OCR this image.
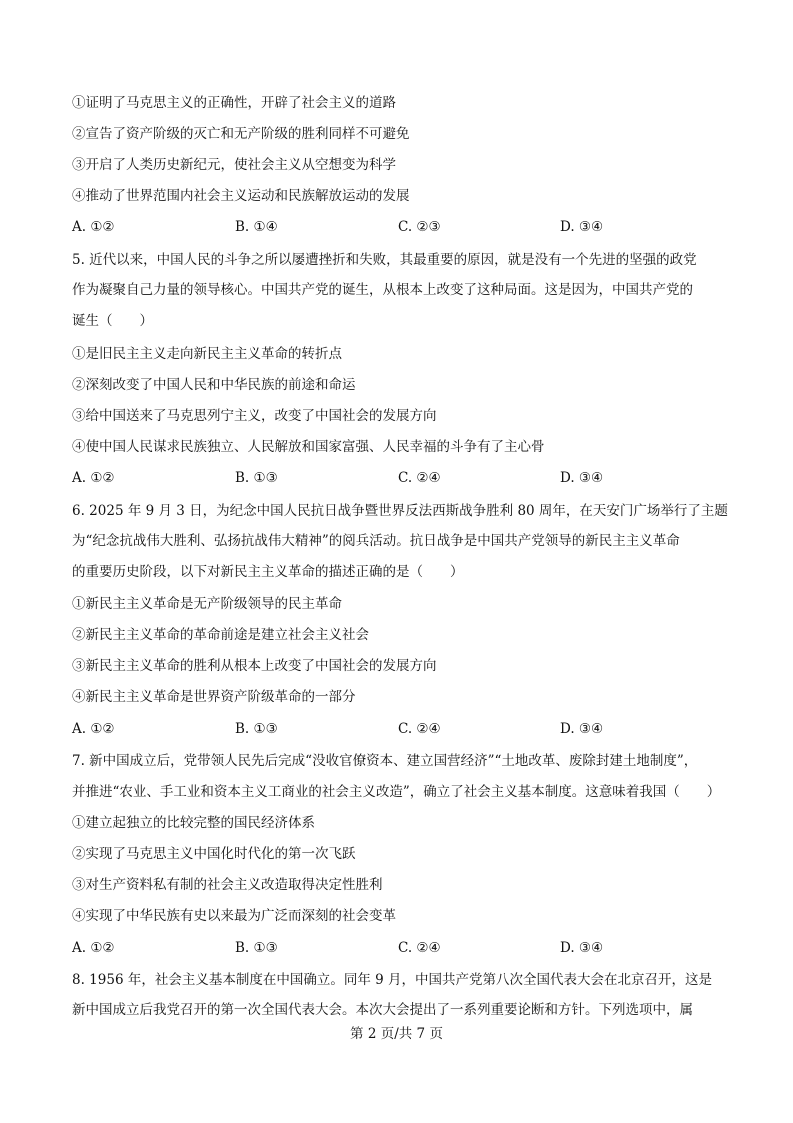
①证明了马克思主义的正确性，开辟了社会主义的道路
②宣告了资产阶级的灭亡和无产阶级的胜利同样不可避免
③开启了人类历史新纪元，使社会主义从空想变为科学
④推动了世界范围内社会主义运动和民族解放运动的发展
A. ①②	B. ①④	C. ②③	D. ③④
5. 近代以来，中国人民的斗争之所以屡遭挫折和失败，其最重要的原因，就是没有一个先进的坚强的政党
作为凝聚自己力量的领导核心。中国共产党的诞生，从根本上改变了这种局面。这是因为，中国共产党的
诞生（　　）
①是旧民主主义走向新民主主义革命的转折点
②深刻改变了中国人民和中华民族的前途和命运
③给中国送来了马克思列宁主义，改变了中国社会的发展方向
④使中国人民谋求民族独立、人民解放和国家富强、人民幸福的斗争有了主心骨
A. ①②	B. ①③	C. ②④	D. ③④
6. 2025 年 9 月 3 日，为纪念中国人民抗日战争暨世界反法西斯战争胜利 80 周年，在天安门广场举行了主题
为“纪念抗战伟大胜利、弘扬抗战伟大精神”的阅兵活动。抗日战争是中国共产党领导的新民主主义革命
的重要历史阶段，以下对新民主主义革命的描述正确的是（　　）
①新民主主义革命是无产阶级领导的民主革命
②新民主主义革命的革命前途是建立社会主义社会
③新民主主义革命的胜利从根本上改变了中国社会的发展方向
④新民主主义革命是世界资产阶级革命的一部分
A. ①②	B. ①③	C. ②④	D. ③④
7. 新中国成立后，党带领人民先后完成“没收官僚资本、建立国营经济”“土地改革、废除封建土地制度”，
并推进“农业、手工业和资本主义工商业的社会主义改造”，确立了社会主义基本制度。这意味着我国（　　）
①建立起独立的比较完整的国民经济体系
②实现了马克思主义中国化时代化的第一次飞跃
③对生产资料私有制的社会主义改造取得决定性胜利
④实现了中华民族有史以来最为广泛而深刻的社会变革
A. ①②	B. ①③	C. ②④	D. ③④
8. 1956 年，社会主义基本制度在中国确立。同年 9 月，中国共产党第八次全国代表大会在北京召开，这是
新中国成立后我党召开的第一次全国代表大会。本次大会提出了一系列重要论断和方针。下列选项中，属
第 2 页/共 7 页
